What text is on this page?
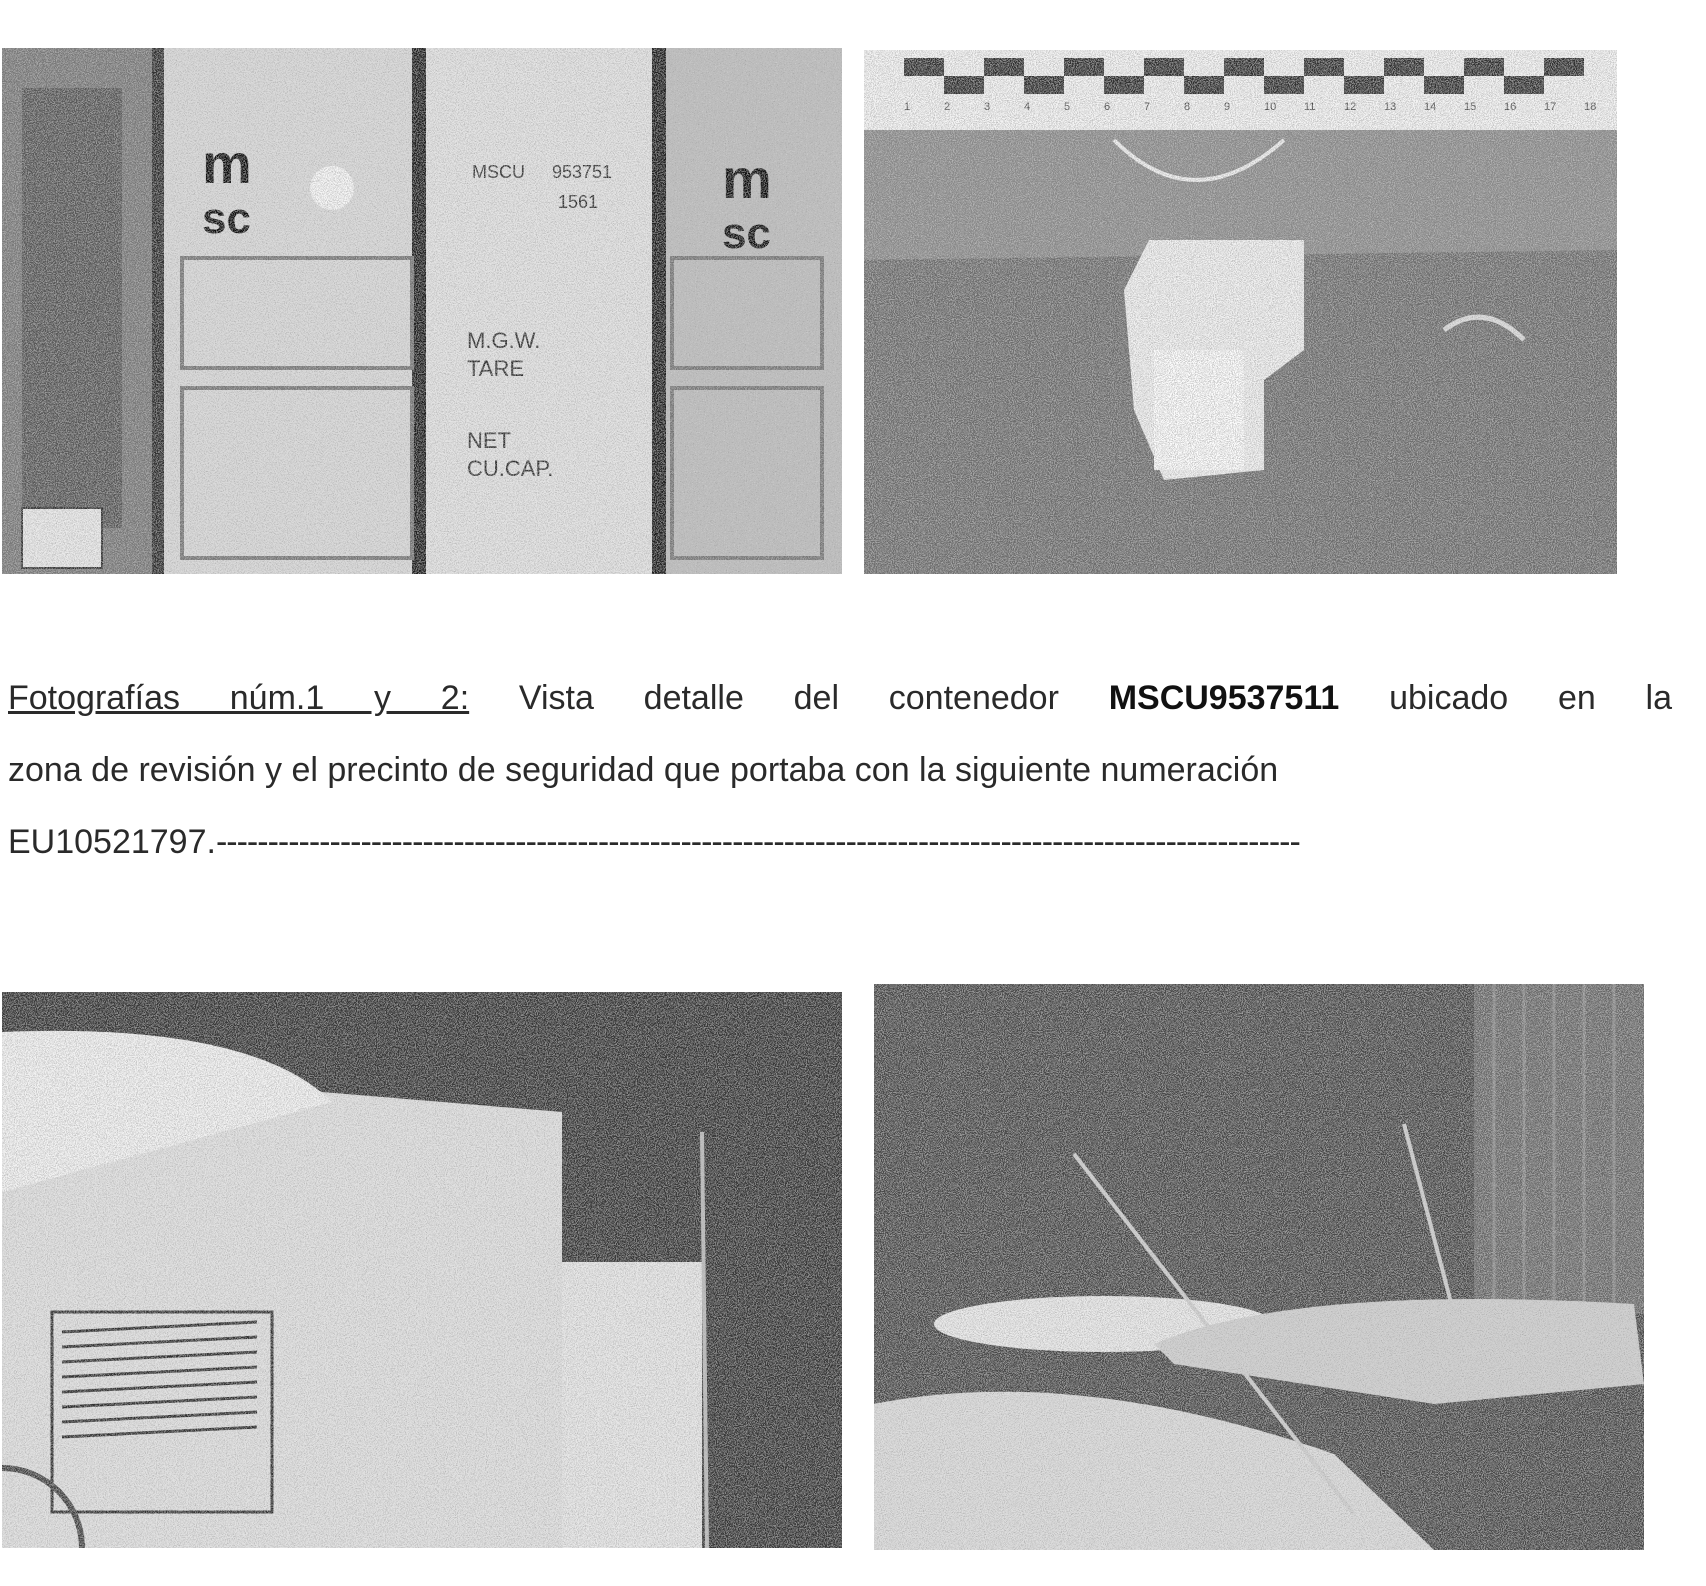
Fotografías núm.1 y 2: Vista detalle del contenedor MSCU9537511 ubicado en la
zona de revisión y el precinto de seguridad que portaba con la siguiente numeración
EU10521797.---------------------------------------------------------------------------------------------------------
